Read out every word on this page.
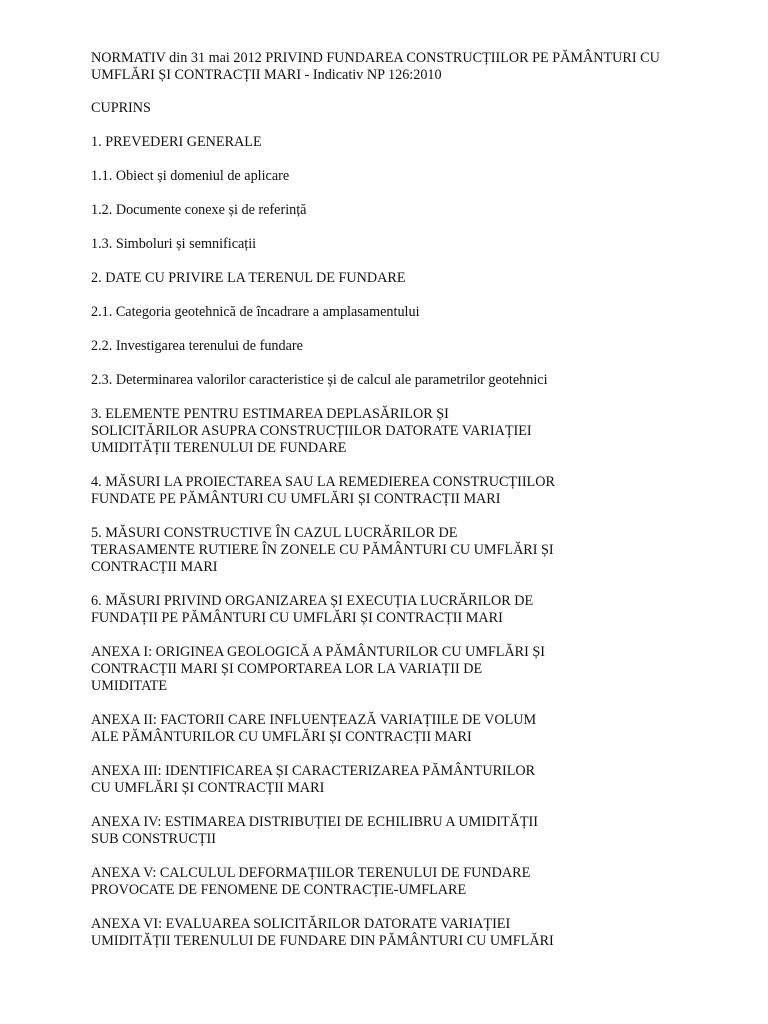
NORMATIV din 31 mai 2012 PRIVIND FUNDAREA CONSTRUCȚIILOR PE PĂMÂNTURI CU
UMFLĂRI ȘI CONTRACȚII MARI - Indicativ NP 126:2010

CUPRINS

1. PREVEDERI GENERALE

1.1. Obiect și domeniul de aplicare

1.2. Documente conexe și de referință

1.3. Simboluri și semnificații

2. DATE CU PRIVIRE LA TERENUL DE FUNDARE

2.1. Categoria geotehnică de încadrare a amplasamentului

2.2. Investigarea terenului de fundare

2.3. Determinarea valorilor caracteristice și de calcul ale parametrilor geotehnici

3. ELEMENTE PENTRU ESTIMAREA DEPLASĂRILOR ȘI
SOLICITĂRILOR ASUPRA CONSTRUCȚIILOR DATORATE VARIAȚIEI
UMIDITĂȚII TERENULUI DE FUNDARE

4. MĂSURI LA PROIECTAREA SAU LA REMEDIEREA CONSTRUCȚIILOR
FUNDATE PE PĂMÂNTURI CU UMFLĂRI ȘI CONTRACȚII MARI

5. MĂSURI CONSTRUCTIVE ÎN CAZUL LUCRĂRILOR DE
TERASAMENTE RUTIERE ÎN ZONELE CU PĂMÂNTURI CU UMFLĂRI ȘI
CONTRACȚII MARI

6. MĂSURI PRIVIND ORGANIZAREA ȘI EXECUȚIA LUCRĂRILOR DE
FUNDAȚII PE PĂMÂNTURI CU UMFLĂRI ȘI CONTRACȚII MARI

ANEXA I: ORIGINEA GEOLOGICĂ A PĂMÂNTURILOR CU UMFLĂRI ȘI
CONTRACȚII MARI ȘI COMPORTAREA LOR LA VARIAȚII DE
UMIDITATE

ANEXA II: FACTORII CARE INFLUENȚEAZĂ VARIAȚIILE DE VOLUM
ALE PĂMÂNTURILOR CU UMFLĂRI ȘI CONTRACȚII MARI

ANEXA III: IDENTIFICAREA ȘI CARACTERIZAREA PĂMÂNTURILOR
CU UMFLĂRI ȘI CONTRACȚII MARI

ANEXA IV: ESTIMAREA DISTRIBUȚIEI DE ECHILIBRU A UMIDITĂȚII
SUB CONSTRUCȚII

ANEXA V: CALCULUL DEFORMAȚIILOR TERENULUI DE FUNDARE
PROVOCATE DE FENOMENE DE CONTRACȚIE-UMFLARE

ANEXA VI: EVALUAREA SOLICITĂRILOR DATORATE VARIAȚIEI
UMIDITĂȚII TERENULUI DE FUNDARE DIN PĂMÂNTURI CU UMFLĂRI
